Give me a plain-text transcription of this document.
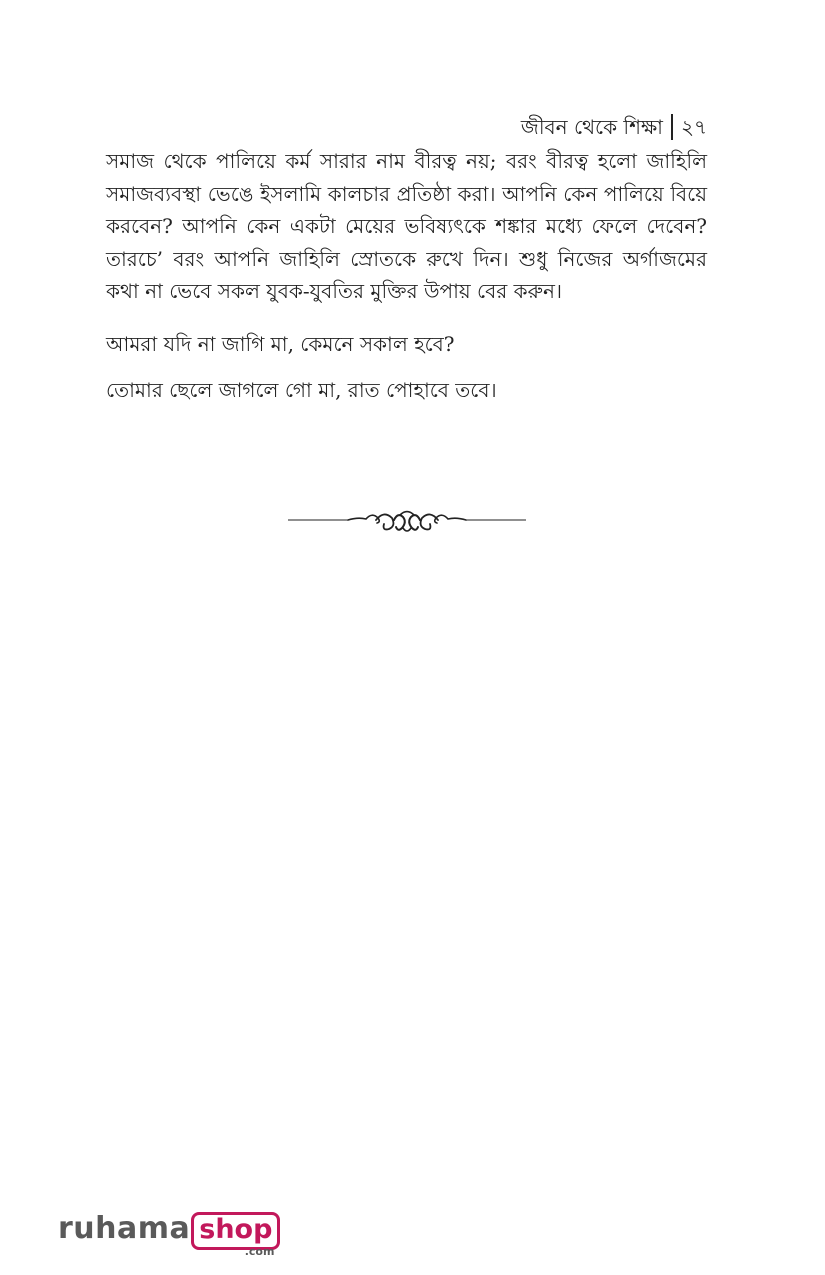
জীবন থেকে শিক্ষা ২৭

সমাজ থেকে পালিয়ে কর্ম সারার নাম বীরত্ব নয়; বরং বীরত্ব হলো জাহিলি সমাজব্যবস্থা ভেঙে ইসলামি কালচার প্রতিষ্ঠা করা। আপনি কেন পালিয়ে বিয়ে করবেন? আপনি কেন একটা মেয়ের ভবিষ্যৎকে শঙ্কার মধ্যে ফেলে দেবেন? তারচে’ বরং আপনি জাহিলি স্রোতকে রুখে দিন। শুধু নিজের অর্গাজমের কথা না ভেবে সকল যুবক-যুবতির মুক্তির উপায় বের করুন।

আমরা যদি না জাগি মা, কেমনে সকাল হবে?

তোমার ছেলে জাগলে গো মা, রাত পোহাবে তবে।

ruhama shop
.com
